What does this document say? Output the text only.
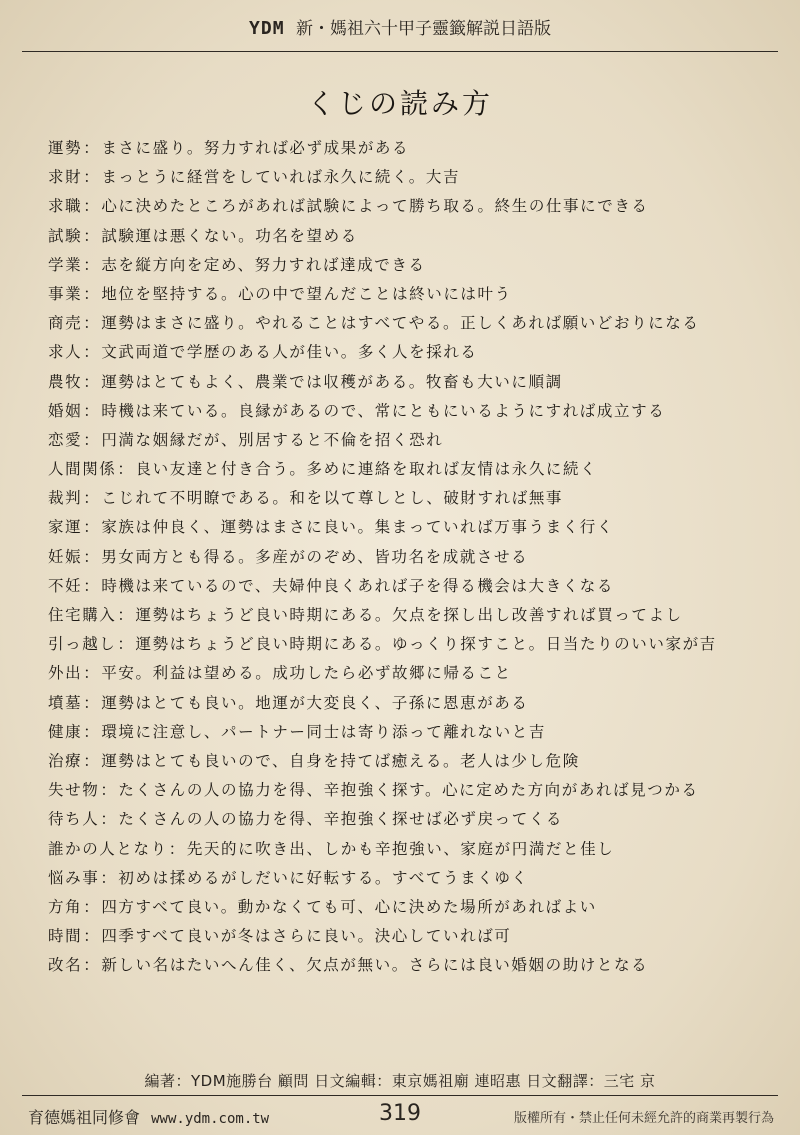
YDM 新・媽祖六十甲子靈籤解説日語版
くじの読み方
運勢：まさに盛り。努力すれば必ず成果がある
求財：まっとうに経営をしていれば永久に続く。大吉
求職：心に決めたところがあれば試験によって勝ち取る。終生の仕事にできる
試験：試験運は悪くない。功名を望める
学業：志を縦方向を定め、努力すれば達成できる
事業：地位を堅持する。心の中で望んだことは終いには叶う
商売：運勢はまさに盛り。やれることはすべてやる。正しくあれば願いどおりになる
求人：文武両道で学歴のある人が佳い。多く人を採れる
農牧：運勢はとてもよく、農業では収穫がある。牧畜も大いに順調
婚姻：時機は来ている。良縁があるので、常にともにいるようにすれば成立する
恋愛：円満な姻縁だが、別居すると不倫を招く恐れ
人間関係：良い友達と付き合う。多めに連絡を取れば友情は永久に続く
裁判：こじれて不明瞭である。和を以て尊しとし、破財すれば無事
家運：家族は仲良く、運勢はまさに良い。集まっていれば万事うまく行く
妊娠：男女両方とも得る。多産がのぞめ、皆功名を成就させる
不妊：時機は来ているので、夫婦仲良くあれば子を得る機会は大きくなる
住宅購入：運勢はちょうど良い時期にある。欠点を探し出し改善すれば買ってよし
引っ越し：運勢はちょうど良い時期にある。ゆっくり探すこと。日当たりのいい家が吉
外出：平安。利益は望める。成功したら必ず故郷に帰ること
墳墓：運勢はとても良い。地運が大変良く、子孫に恩恵がある
健康：環境に注意し、パートナー同士は寄り添って離れないと吉
治療：運勢はとても良いので、自身を持てば癒える。老人は少し危険
失せ物：たくさんの人の協力を得、辛抱強く探す。心に定めた方向があれば見つかる
待ち人：たくさんの人の協力を得、辛抱強く探せば必ず戻ってくる
誰かの人となり：先天的に吹き出、しかも辛抱強い、家庭が円満だと佳し
悩み事：初めは揉めるがしだいに好転する。すべてうまくゆく
方角：四方すべて良い。動かなくても可、心に決めた場所があればよい
時間：四季すべて良いが冬はさらに良い。決心していれば可
改名：新しい名はたいへん佳く、欠点が無い。さらには良い婚姻の助けとなる
編著：YDM施勝台 顧問 日文編輯：東京媽祖廟 連昭惠 日文翻譯：三宅 京
育德媽祖同修會 www.ydm.com.tw	319	版權所有・禁止任何未經允許的商業再製行為
